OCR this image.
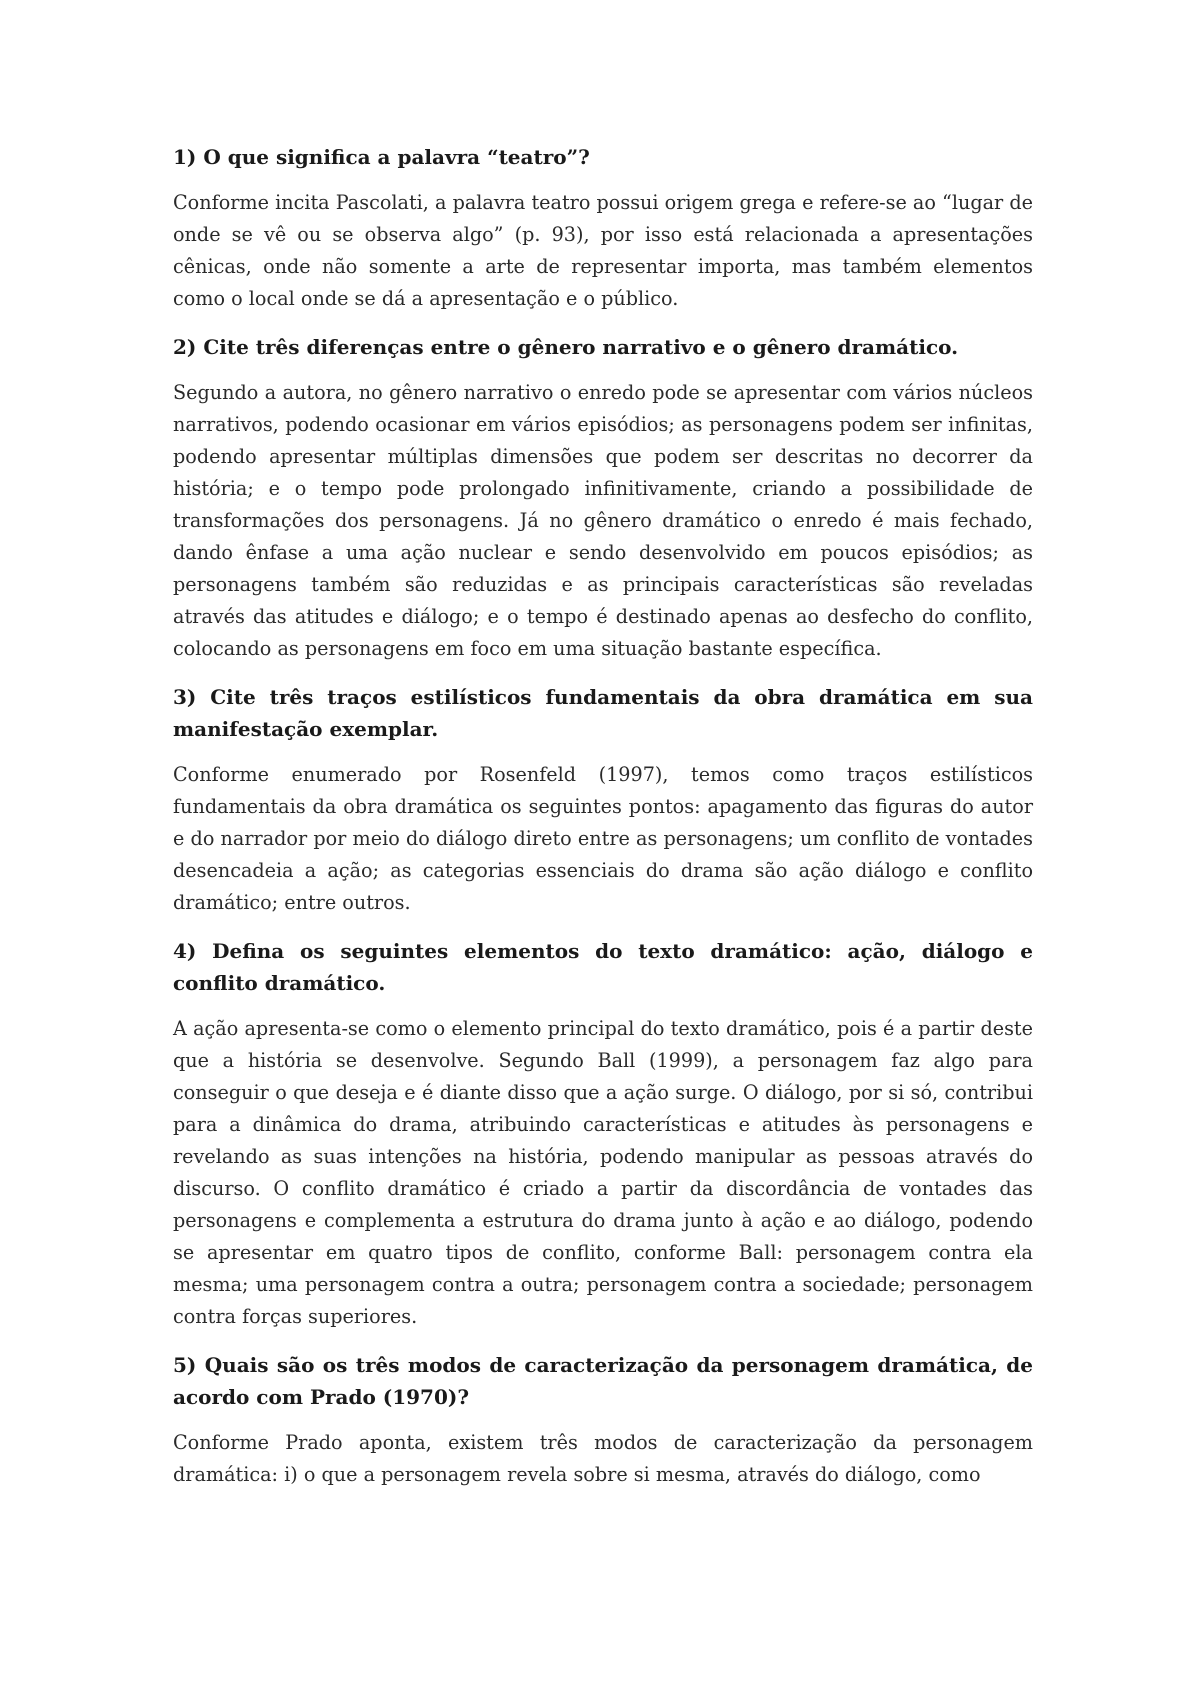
1) O que significa a palavra “teatro”?

Conforme incita Pascolati, a palavra teatro possui origem grega e refere-se ao “lugar de onde se vê ou se observa algo” (p. 93), por isso está relacionada a apresentações cênicas, onde não somente a arte de representar importa, mas também elementos como o local onde se dá a apresentação e o público.

2) Cite três diferenças entre o gênero narrativo e o gênero dramático.

Segundo a autora, no gênero narrativo o enredo pode se apresentar com vários núcleos narrativos, podendo ocasionar em vários episódios; as personagens podem ser infinitas, podendo apresentar múltiplas dimensões que podem ser descritas no decorrer da história; e o tempo pode prolongado infinitivamente, criando a possibilidade de transformações dos personagens. Já no gênero dramático o enredo é mais fechado, dando ênfase a uma ação nuclear e sendo desenvolvido em poucos episódios; as personagens também são reduzidas e as principais características são reveladas através das atitudes e diálogo; e o tempo é destinado apenas ao desfecho do conflito, colocando as personagens em foco em uma situação bastante específica.

3) Cite três traços estilísticos fundamentais da obra dramática em sua manifestação exemplar.

Conforme enumerado por Rosenfeld (1997), temos como traços estilísticos fundamentais da obra dramática os seguintes pontos: apagamento das figuras do autor e do narrador por meio do diálogo direto entre as personagens; um conflito de vontades desencadeia a ação; as categorias essenciais do drama são ação diálogo e conflito dramático; entre outros.

4) Defina os seguintes elementos do texto dramático: ação, diálogo e conflito dramático.

A ação apresenta-se como o elemento principal do texto dramático, pois é a partir deste que a história se desenvolve. Segundo Ball (1999), a personagem faz algo para conseguir o que deseja e é diante disso que a ação surge. O diálogo, por si só, contribui para a dinâmica do drama, atribuindo características e atitudes às personagens e revelando as suas intenções na história, podendo manipular as pessoas através do discurso. O conflito dramático é criado a partir da discordância de vontades das personagens e complementa a estrutura do drama junto à ação e ao diálogo, podendo se apresentar em quatro tipos de conflito, conforme Ball: personagem contra ela mesma; uma personagem contra a outra; personagem contra a sociedade; personagem contra forças superiores.

5) Quais são os três modos de caracterização da personagem dramática, de acordo com Prado (1970)?

Conforme Prado aponta, existem três modos de caracterização da personagem dramática: i) o que a personagem revela sobre si mesma, através do diálogo, como
